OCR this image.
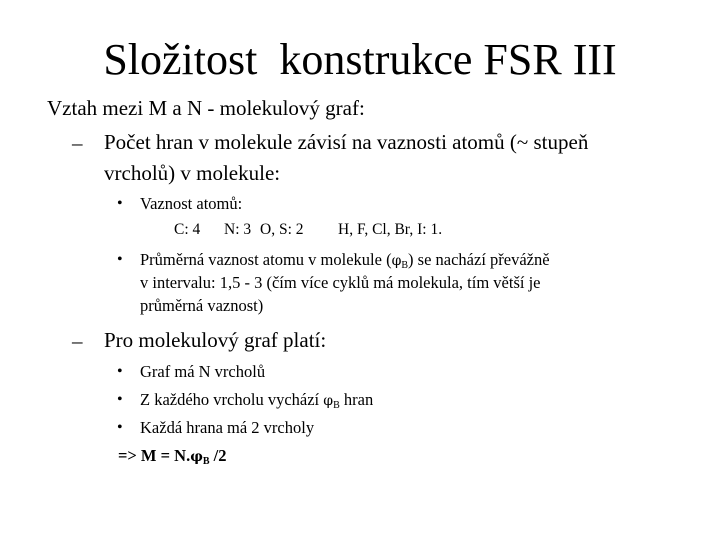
Složitost  konstrukce FSR III
Vztah mezi M a N - molekulový graf:
– Počet hran v molekule závisí na vaznosti atomů (~ stupeň
vrcholů) v molekule:
• Vaznost atomů:
C: 4 N: 3 O, S: 2 H, F, Cl, Br, I: 1.
• Průměrná vaznost atomu v molekule $(\varphi_B)$ se nachází převážně
v intervalu: 1,5 - 3 (čím více cyklů má molekula, tím větší je
průměrná vaznost)
– Pro molekulový graf platí:
• Graf má N vrcholů
• Z každého vrcholu vychází $\varphi_B$ hran
• Každá hrana má 2 vrcholy
=> $M = N.\varphi_B$ /2
